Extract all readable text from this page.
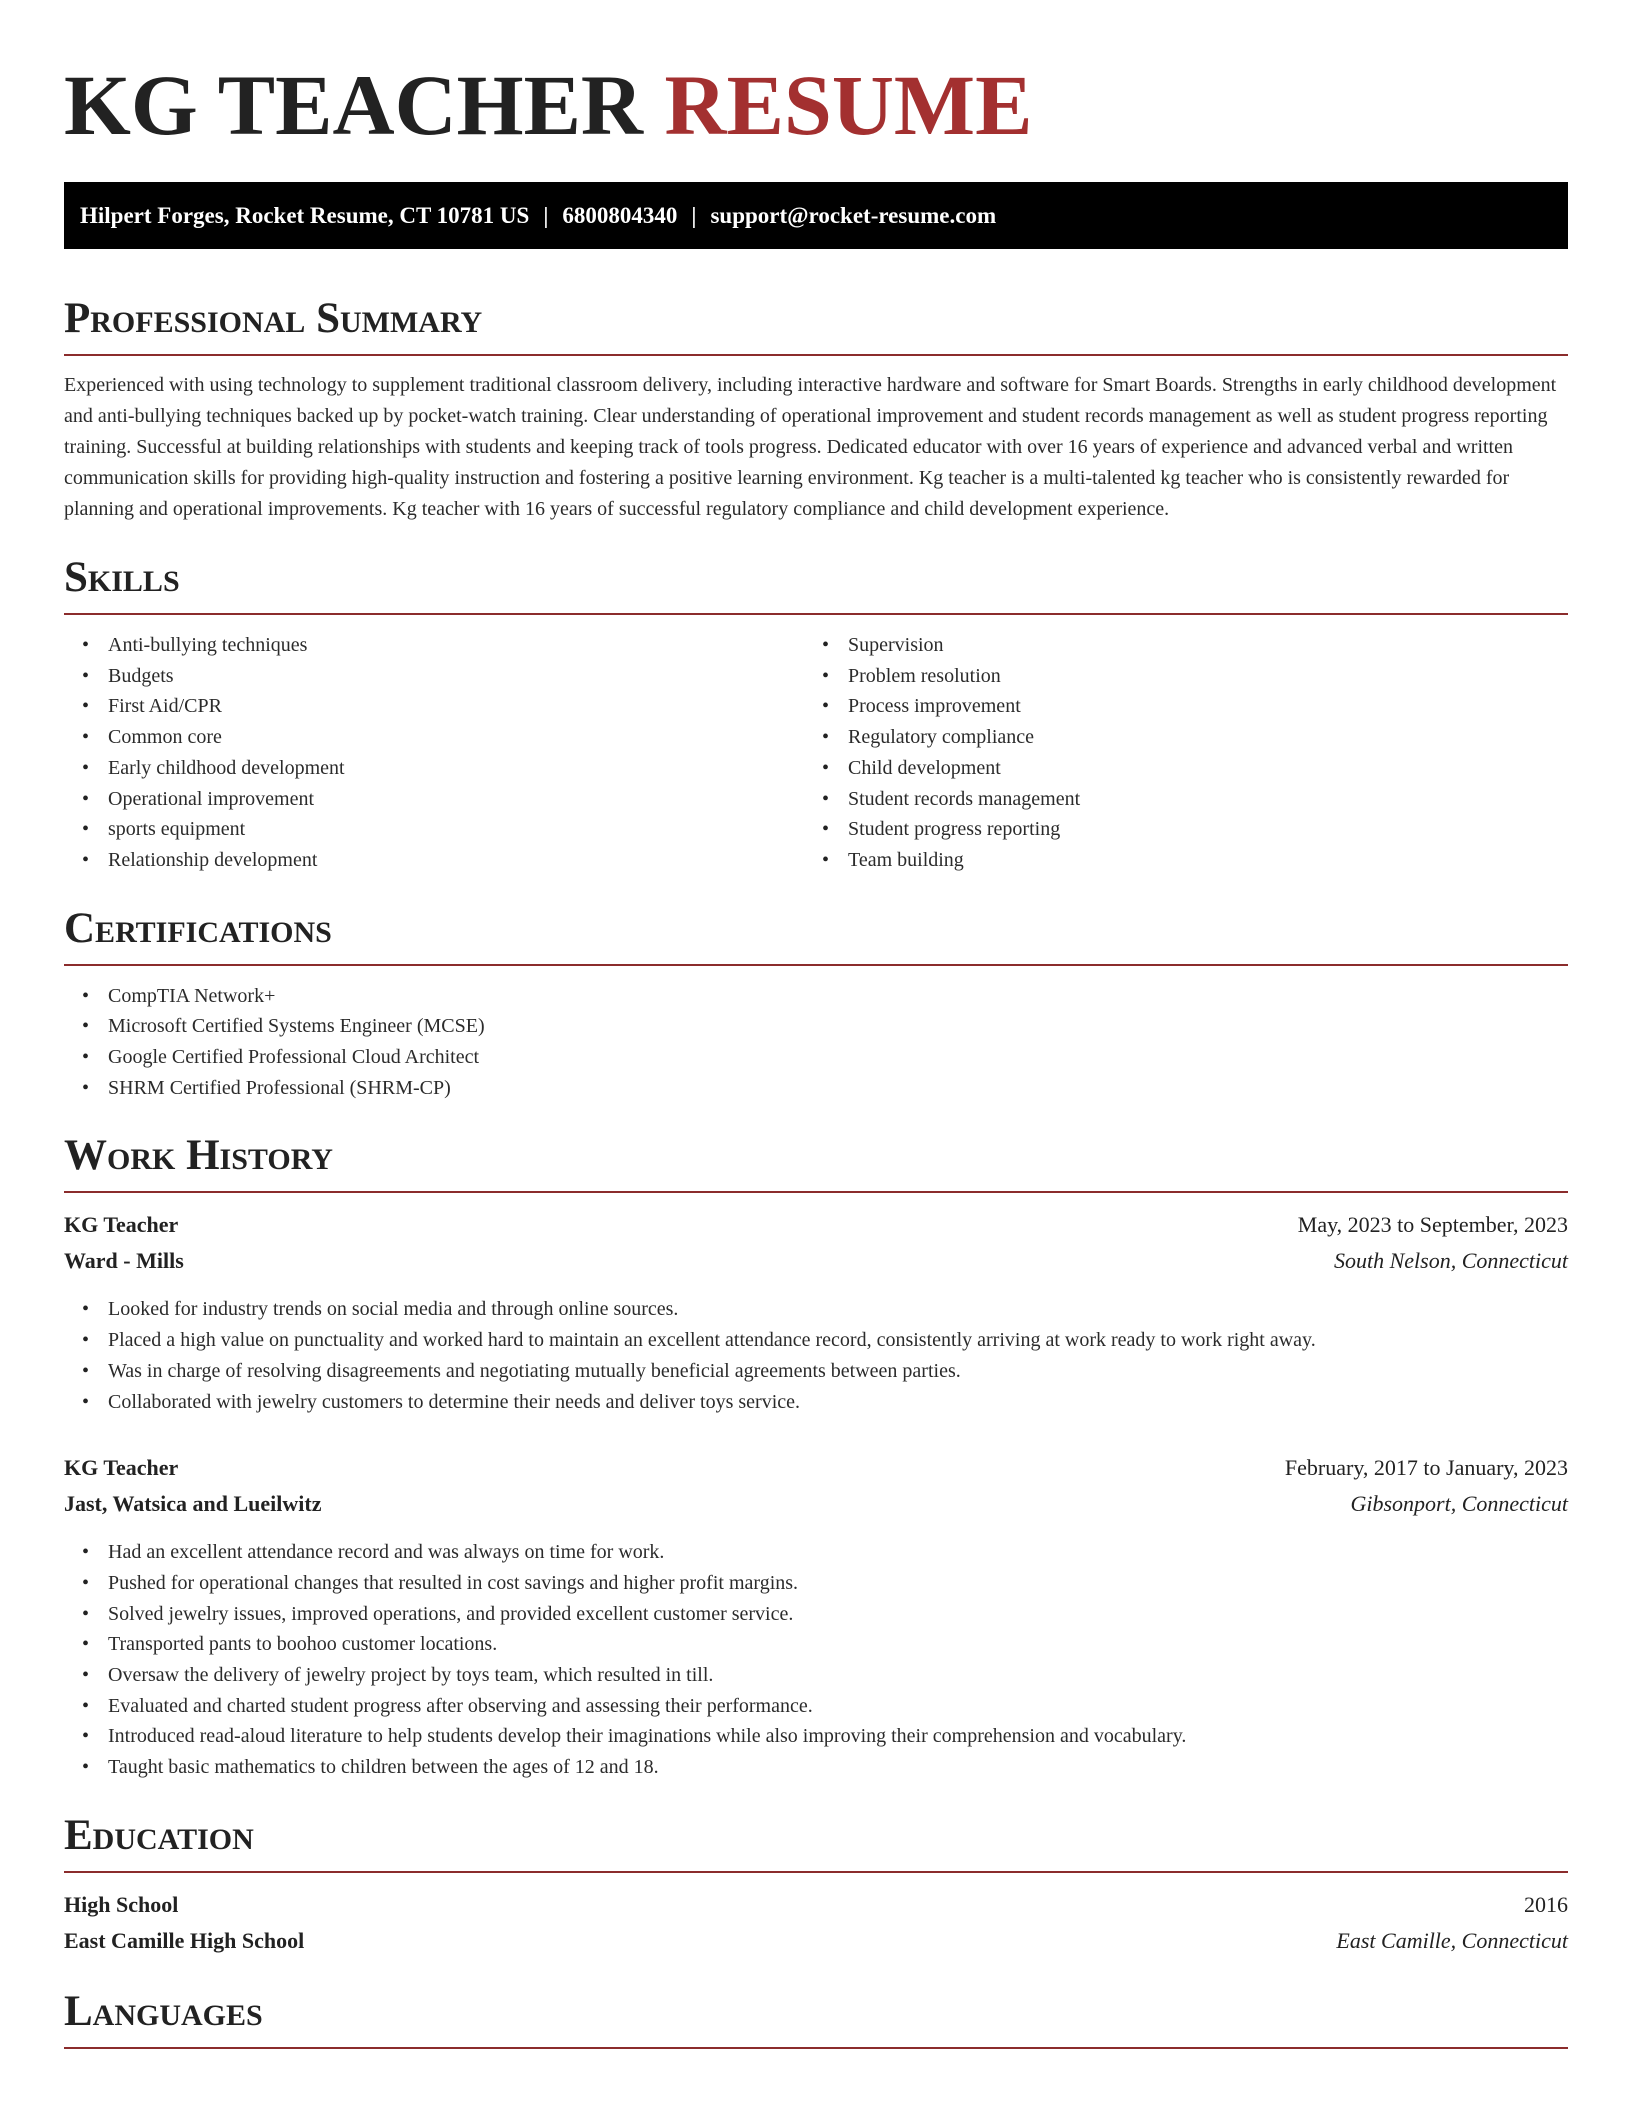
KG TEACHER RESUME
Hilpert Forges, Rocket Resume, CT 10781 US | 6800804340 | support@rocket-resume.com
Professional Summary

Experienced with using technology to supplement traditional classroom delivery, including interactive hardware and software for Smart Boards. Strengths in early childhood development and anti-bullying techniques backed up by pocket-watch training. Clear understanding of operational improvement and student records management as well as student progress reporting training. Successful at building relationships with students and keeping track of tools progress. Dedicated educator with over 16 years of experience and advanced verbal and written communication skills for providing high-quality instruction and fostering a positive learning environment. Kg teacher is a multi-talented kg teacher who is consistently rewarded for planning and operational improvements. Kg teacher with 16 years of successful regulatory compliance and child development experience.

Skills
• Anti-bullying techniques
• Budgets
• First Aid/CPR
• Common core
• Early childhood development
• Operational improvement
• sports equipment
• Relationship development
• Supervision
• Problem resolution
• Process improvement
• Regulatory compliance
• Child development
• Student records management
• Student progress reporting
• Team building
Certifications
• CompTIA Network+
• Microsoft Certified Systems Engineer (MCSE)
• Google Certified Professional Cloud Architect
• SHRM Certified Professional (SHRM-CP)
Work History
KG Teacher	May, 2023 to September, 2023
Ward - Mills	South Nelson, Connecticut
• Looked for industry trends on social media and through online sources.
• Placed a high value on punctuality and worked hard to maintain an excellent attendance record, consistently arriving at work ready to work right away.
• Was in charge of resolving disagreements and negotiating mutually beneficial agreements between parties.
• Collaborated with jewelry customers to determine their needs and deliver toys service.
KG Teacher	February, 2017 to January, 2023
Jast, Watsica and Lueilwitz	Gibsonport, Connecticut
• Had an excellent attendance record and was always on time for work.
• Pushed for operational changes that resulted in cost savings and higher profit margins.
• Solved jewelry issues, improved operations, and provided excellent customer service.
• Transported pants to boohoo customer locations.
• Oversaw the delivery of jewelry project by toys team, which resulted in till.
• Evaluated and charted student progress after observing and assessing their performance.
• Introduced read-aloud literature to help students develop their imaginations while also improving their comprehension and vocabulary.
• Taught basic mathematics to children between the ages of 12 and 18.
Education
High School	2016
East Camille High School	East Camille, Connecticut
Languages
